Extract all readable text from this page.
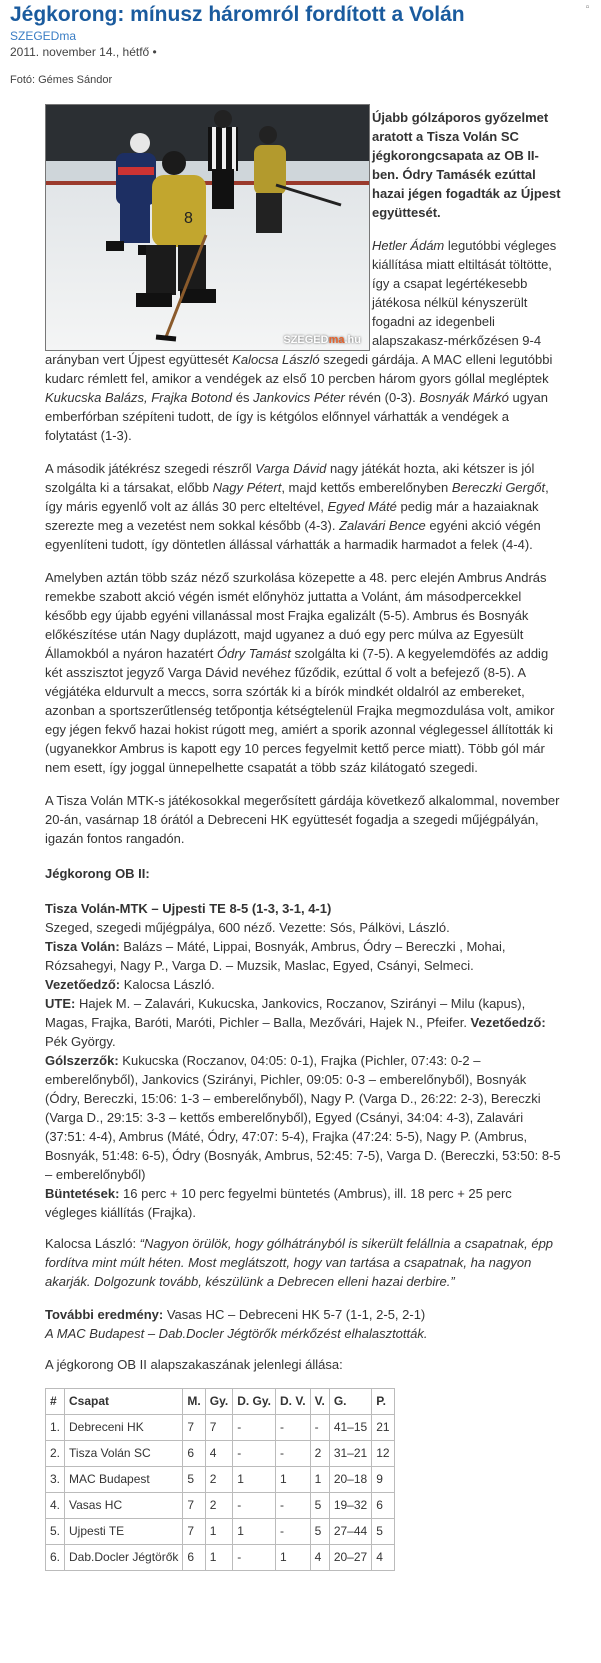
Jégkorong: mínusz háromról fordított a Volán	▫
SZEGEDma
2011. november 14., hétfő •
Fotó: Gémes Sándor
8
SZEGEDma.hu

Újabb gólzáporos győzelmet aratott a Tisza Volán SC jégkorongcsapata az OB II-ben. Ódry Tamásék ezúttal hazai jégen fogadták az Újpest együttesét.

Hetler Ádám legutóbbi végleges kiállítása miatt eltiltását töltötte, így a csapat legértékesebb játékosa nélkül kényszerült fogadni az idegenbeli alapszakasz-mérkőzésen 9-4 arányban vert Újpest együttesét Kalocsa László szegedi gárdája. A MAC elleni legutóbbi kudarc rémlett fel, amikor a vendégek az első 10 percben három gyors góllal megléptek Kukucska Balázs, Frajka Botond és Jankovics Péter révén (0-3). Bosnyák Márkó ugyan emberfórban szépíteni tudott, de így is kétgólos előnnyel várhatták a vendégek a folytatást (1-3).

A második játékrész szegedi részről Varga Dávid nagy játékát hozta, aki kétszer is jól szolgálta ki a társakat, előbb Nagy Pétert, majd kettős emberelőnyben Bereczki Gergőt, így máris egyenlő volt az állás 30 perc elteltével, Egyed Máté pedig már a hazaiaknak szerezte meg a vezetést nem sokkal később (4-3). Zalavári Bence egyéni akció végén egyenlíteni tudott, így döntetlen állással várhatták a harmadik harmadot a felek (4-4).

Amelyben aztán több száz néző szurkolása közepette a 48. perc elején Ambrus András remekbe szabott akció végén ismét előnyhöz juttatta a Volánt, ám másodpercekkel később egy újabb egyéni villanással most Frajka egalizált (5-5). Ambrus és Bosnyák előkészítése után Nagy duplázott, majd ugyanez a duó egy perc múlva az Egyesült Államokból a nyáron hazatért Ódry Tamást szolgálta ki (7-5). A kegyelemdöfés az addig két asszisztot jegyző Varga Dávid nevéhez fűződik, ezúttal ő volt a befejező (8-5). A végjátéka eldurvult a meccs, sorra szórták ki a bírók mindkét oldalról az embereket, azonban a sportszerűtlenség tetőpontja kétségtelenül Frajka megmozdulása volt, amikor egy jégen fekvő hazai hokist rúgott meg, amiért a sporik azonnal véglegessel állították ki (ugyanekkor Ambrus is kapott egy 10 perces fegyelmit kettő perce miatt). Több gól már nem esett, így joggal ünnepelhette csapatát a több száz kilátogató szegedi.

A Tisza Volán MTK-s játékosokkal megerősített gárdája következő alkalommal, november 20-án, vasárnap 18 órától a Debreceni HK együttesét fogadja a szegedi műjégpályán, igazán fontos rangadón.

Jégkorong OB II:

Tisza Volán-MTK – Ujpesti TE 8-5 (1-3, 3-1, 4-1)

Szeged, szegedi műjégpálya, 600 néző. Vezette: Sós, Pálkövi, László.

Tisza Volán: Balázs – Máté, Lippai, Bosnyák, Ambrus, Ódry – Bereczki , Mohai, Rózsahegyi, Nagy P., Varga D. – Muzsik, Maslac, Egyed, Csányi, Selmeci.

Vezetőedző: Kalocsa László.

UTE: Hajek M. – Zalavári, Kukucska, Jankovics, Roczanov, Szirányi – Milu (kapus), Magas, Frajka, Baróti, Maróti, Pichler – Balla, Mezővári, Hajek N., Pfeifer. Vezetőedző: Pék György.

Gólszerzők: Kukucska (Roczanov, 04:05: 0-1), Frajka (Pichler, 07:43: 0-2 – emberelőnyből), Jankovics (Szirányi, Pichler, 09:05: 0-3 – emberelőnyből), Bosnyák (Ódry, Bereczki, 15:06: 1-3 – emberelőnyből), Nagy P. (Varga D., 26:22: 2-3), Bereczki (Varga D., 29:15: 3-3 – kettős emberelőnyből), Egyed (Csányi, 34:04: 4-3), Zalavári (37:51: 4-4), Ambrus (Máté, Ódry, 47:07: 5-4), Frajka (47:24: 5-5), Nagy P. (Ambrus, Bosnyák, 51:48: 6-5), Ódry (Bosnyák, Ambrus, 52:45: 7-5), Varga D. (Bereczki, 53:50: 8-5 – emberelőnyből)

Büntetések: 16 perc + 10 perc fegyelmi büntetés (Ambrus), ill. 18 perc + 25 perc végleges kiállítás (Frajka).

Kalocsa László: “Nagyon örülök, hogy gólhátrányból is sikerült felállnia a csapatnak, épp fordítva mint múlt héten. Most meglátszott, hogy van tartása a csapatnak, ha nagyon akarják. Dolgozunk tovább, készülünk a Debrecen elleni hazai derbire.”

További eredmény: Vasas HC – Debreceni HK 5-7 (1-1, 2-5, 2-1)

A MAC Budapest – Dab.Docler Jégtörők mérkőzést elhalasztották.

A jégkorong OB II alapszakaszának jelenlegi állása:

#	Csapat	M.	Gy.	D. Gy.	D. V.	V.	G.	P.
1.	Debreceni HK	7	7	-	-	-	41–15	21
2.	Tisza Volán SC	6	4	-	-	2	31–21	12
3.	MAC Budapest	5	2	1	1	1	20–18	9
4.	Vasas HC	7	2	-	-	5	19–32	6
5.	Ujpesti TE	7	1	1	-	5	27–44	5
6.	Dab.Docler Jégtörők	6	1	-	1	4	20–27	4
